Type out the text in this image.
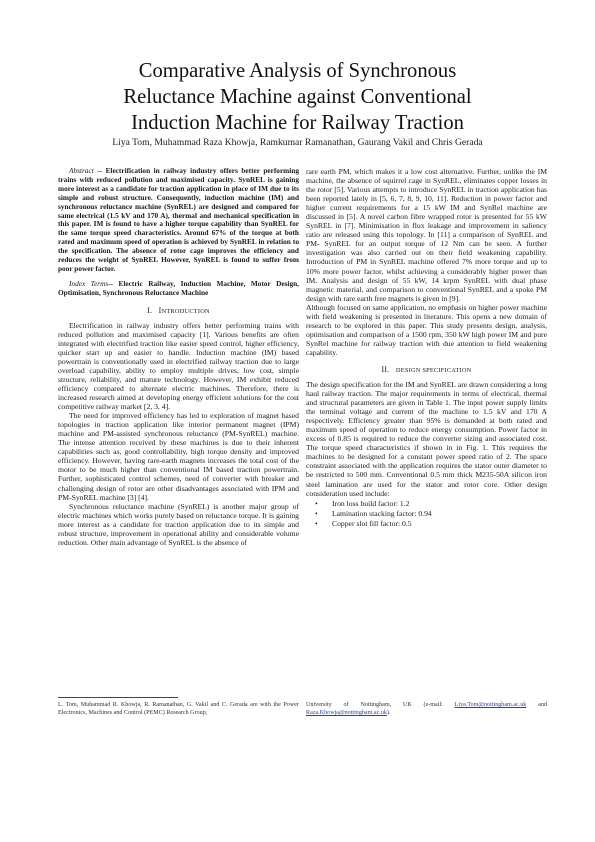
Comparative Analysis of Synchronous
Reluctance Machine against Conventional
Induction Machine for Railway Traction
Liya Tom, Muhammad Raza Khowja, Ramkumar Ramanathan, Gaurang Vakil and Chris Gerada

Abstract -- Electrification in railway industry offers better performing trains with reduced pollution and maximised capacity. SynREL is gaining more interest as a candidate for traction application in place of IM due to its simple and robust structure. Consequently, induction machine (IM) and synchronous reluctance machine (SynREL) are designed and compared for same electrical (1.5 kV and 170 A), thermal and mechanical specification in this paper. IM is found to have a higher torque capability than SynREL for the same torque speed characteristics. Around 67% of the torque at both rated and maximum speed of operation is achieved by SynREL in relation to the specification. The absence of rotor cage improves the efficiency and reduces the weight of SynREL However, SynREL is found to suffer from poor power factor.

Index Terms-- Electric Railway, Induction Machine, Motor Design, Optimisation, Synchronous Reluctance Machine

I. INTRODUCTION

Electrification in railway industry offers better performing trains with reduced pollution and maximised capacity [1]. Various benefits are often integrated with electrified traction like easier speed control, higher efficiency, quicker start up and easier to handle. Induction machine (IM) based powertrain is conventionally used in electrified railway traction due to large overload capability, ability to employ multiple drives, low cost, simple structure, reliability, and mature technology. However, IM exhibit reduced efficiency compared to alternate electric machines. Therefore, there is increased research aimed at developing energy efficient solutions for the cost competitive railway market [2, 3, 4].

The need for improved efficiency has led to exploration of magnet based topologies in traction application like interior permanent magnet (IPM) machine and PM-assisted synchronous reluctance (PM-SynREL) machine. The intense attention received by these machines is due to their inherent capabilities such as, good controllability, high torque density and improved efficiency. However, having rare-earth magnets increases the total cost of the motor to be much higher than conventional IM based traction powertrain. Further, sophisticated control schemes, need of converter with breaker and challenging design of rotor are other disadvantages associated with IPM and PM-SynREL machine [3] [4].

Synchronous reluctance machine (SynREL) is another major group of electric machines which works purely based on reluctance torque. It is gaining more interest as a candidate for traction application due to its simple and robust structure, improvement in operational ability and considerable volume reduction. Other main advantage of SynREL is the absence of

rare earth PM, which makes it a low cost alternative. Further, unlike the IM machine, the absence of squirrel cage in SynREL, eliminates copper losses in the rotor [5]. Various attempts to introduce SynREL in traction application has been reported lately in [5, 6, 7, 8, 9, 10, 11]. Reduction in power factor and higher current requirements for a 15 kW IM and SynRel machine are discussed in [5]. A novel carbon fibre wrapped rotor is presented for 55 kW SynREL in [7]. Minimisation in flux leakage and improvement in saliency ratio are released using this topology. In [11] a comparison of SynREL and PM- SynREL for an output torque of 12 Nm can be seen. A further investigation was also carried out on their field weakening capability. Introduction of PM in SynREL machine offered 7% more torque and up to 10% more power factor, whilst achieving a considerably higher power than IM. Analysis and design of 55 kW, 14 krpm SynREL with dual phase magnetic material, and comparison to conventional SynREL and a spoke PM design with rare earth free magnets is given in [9].

Although focused on same application, no emphasis on higher power machine with field weakening is presented in literature. This opens a new domain of research to be explored in this paper. This study presents design, analysis, optimisation and comparison of a 1500 rpm, 350 kW high power IM and pure SynRel machine for railway traction with due attention to field weakening capability.

II. DESIGN SPECIFICATION

The design specification for the IM and SynREL are drawn considering a long haul railway traction. The major requirements in terms of electrical, thermal and structural parameters are given in Table 1. The input power supply limits the terminal voltage and current of the machine to 1.5 kV and 170 A respectively. Efficiency greater than 95% is demanded at both rated and maximum speed of operation to reduce energy consumption. Power factor in excess of 0.85 is required to reduce the converter sizing and associated cost. The torque speed characteristics if shown in in Fig. 1. This requires the machines to be designed for a constant power speed ratio of 2. The space constraint associated with the application requires the stator outer diameter to be restricted to 500 mm. Conventional 0.5 mm thick M235-50A silicon iron steel lamination are used for the stator and rotor core. Other design consideration used include:

• Iron loss build factor: 1.2
• Lamination stacking factor: 0.94
• Copper slot fill factor: 0.5
L. Tom, Muhammad R. Khowja, R. Ramanathan, G. Vakil and C. Gerada are with the Power Electronics, Machines and Control (PEMC) Research Group,
University of Nottingham, UK (e-mail: Liya.Tom@nottingham.ac.uk and Raza.Khowja@nottingham.ac.uk).
